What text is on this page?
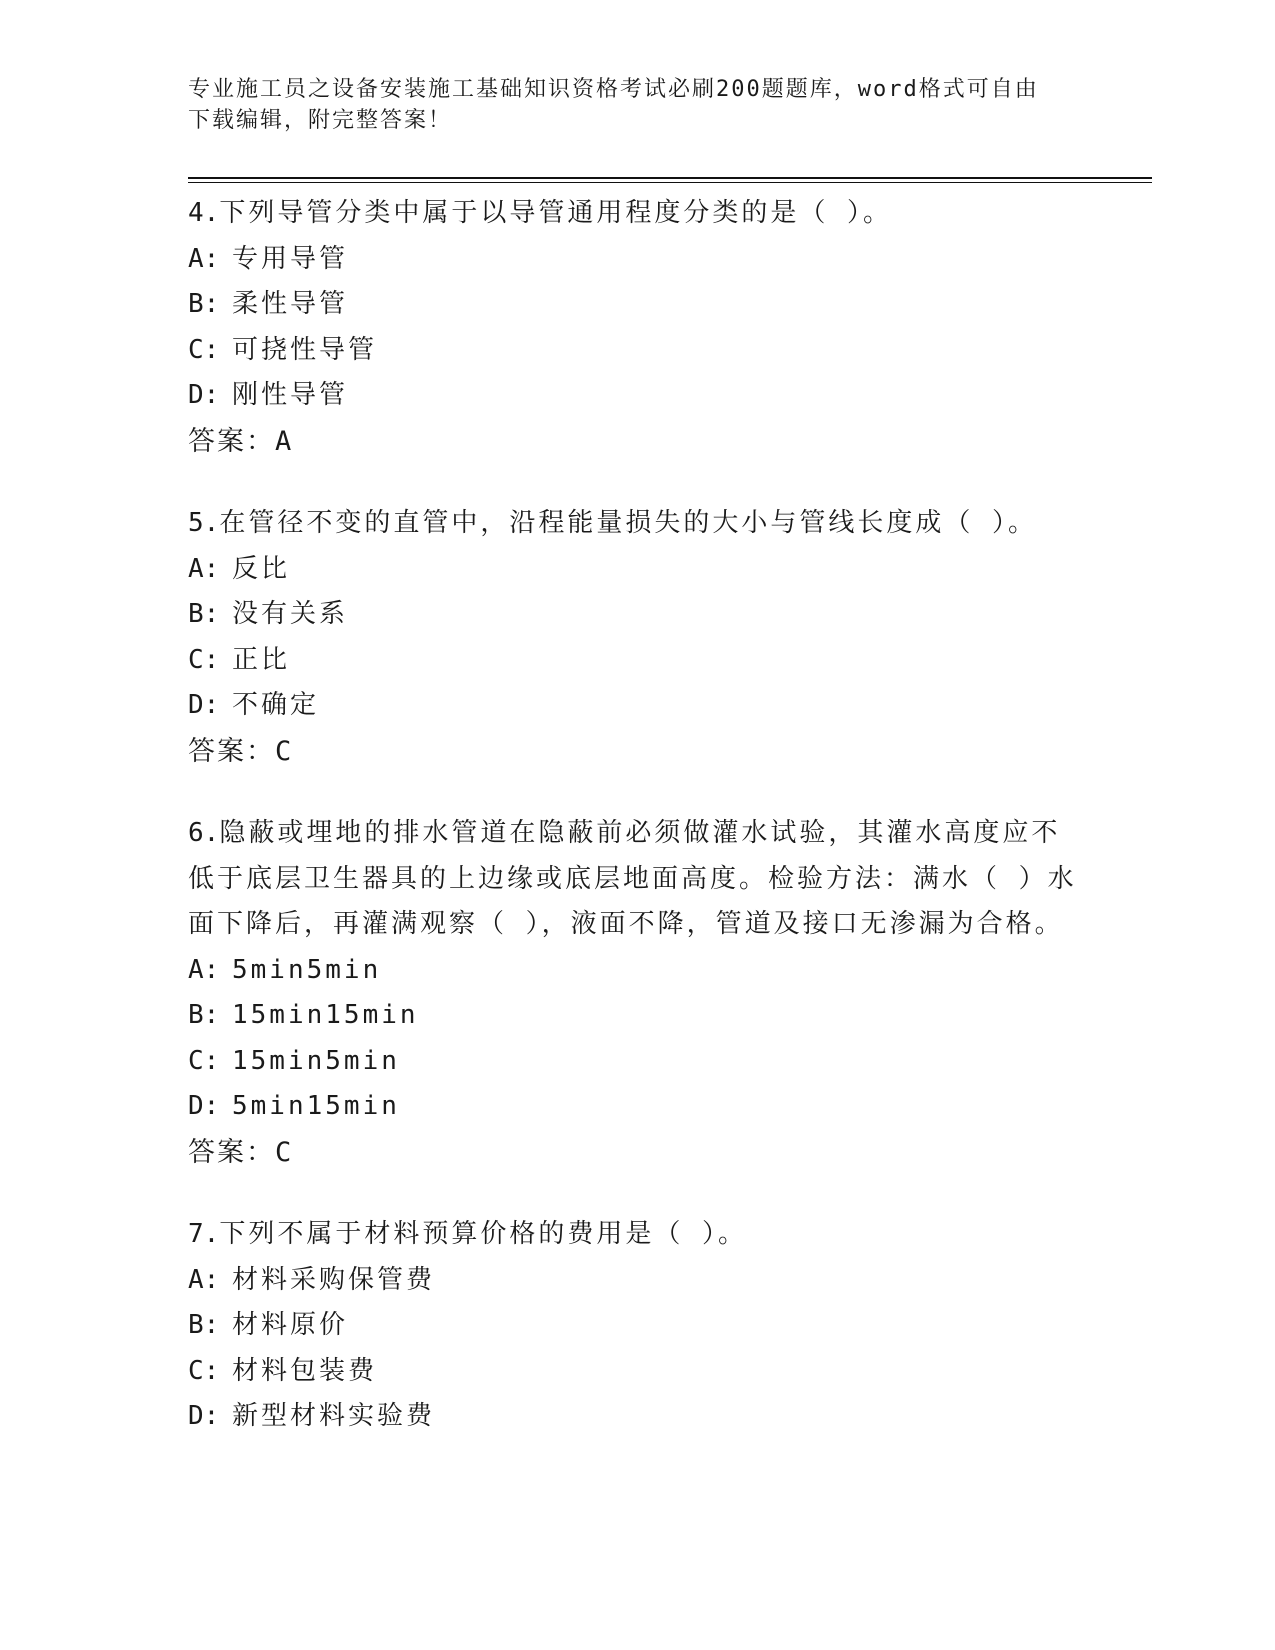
专业施工员之设备安装施工基础知识资格考试必刷200题题库，word格式可自由
下载编辑，附完整答案！

4.下列导管分类中属于以导管通用程度分类的是（ ）。

A: 专用导管

B: 柔性导管

C: 可挠性导管

D: 刚性导管

答案：A

5.在管径不变的直管中，沿程能量损失的大小与管线长度成（ ）。

A: 反比

B: 没有关系

C: 正比

D: 不确定

答案：C

6.隐蔽或埋地的排水管道在隐蔽前必须做灌水试验，其灌水高度应不低于底层卫生器具的上边缘或底层地面高度。检验方法：满水（ ）水面下降后，再灌满观察（ ），液面不降，管道及接口无渗漏为合格。

A: 5min5min

B: 15min15min

C: 15min5min

D: 5min15min

答案：C

7.下列不属于材料预算价格的费用是（ ）。

A: 材料采购保管费

B: 材料原价

C: 材料包装费

D: 新型材料实验费
